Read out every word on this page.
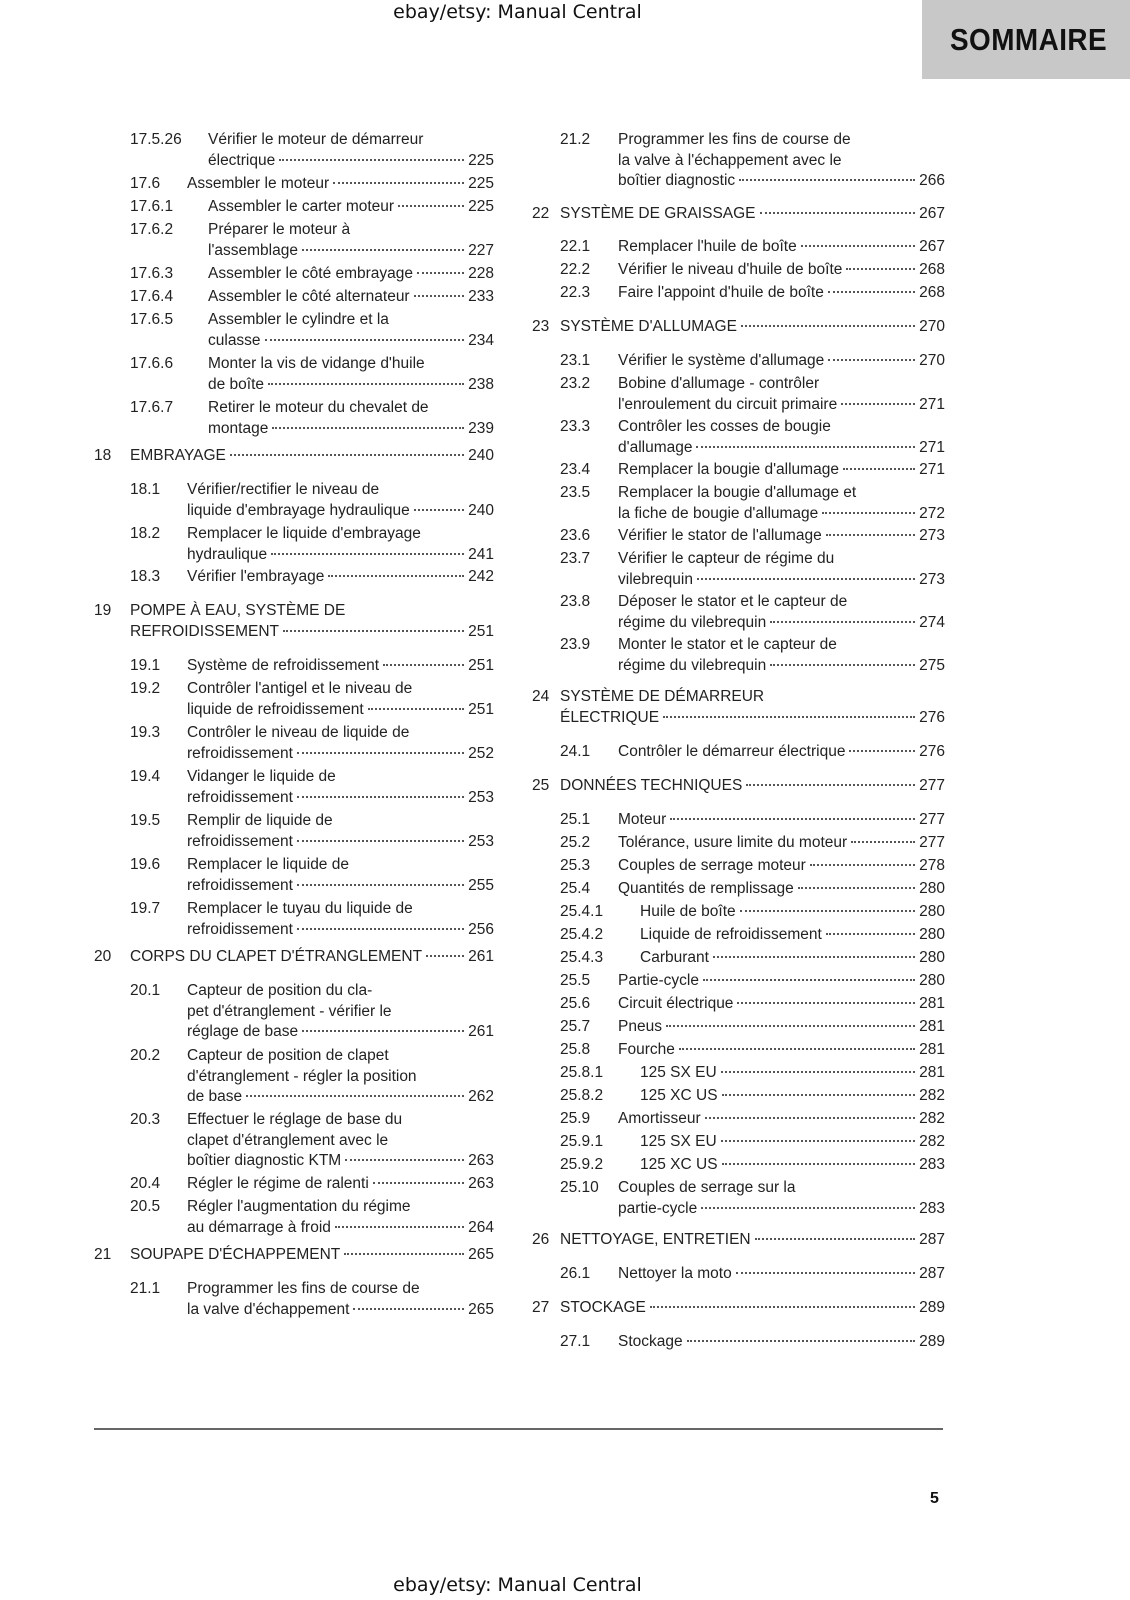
ebay/etsy: Manual Central
SOMMAIRE
17.5.26 Vérifier le moteur de démarreur
électrique	225
17.6 Assembler le moteur	225
17.6.1 Assembler le carter moteur	225
17.6.2 Préparer le moteur à
l'assemblage	227
17.6.3 Assembler le côté embrayage	228
17.6.4 Assembler le côté alternateur	233
17.6.5 Assembler le cylindre et la
culasse	234
17.6.6 Monter la vis de vidange d'huile
de boîte	238
17.6.7 Retirer le moteur du chevalet de
montage	239
18 EMBRAYAGE	240
18.1 Vérifier/rectifier le niveau de
liquide d'embrayage hydraulique	240
18.2 Remplacer le liquide d'embrayage
hydraulique	241
18.3 Vérifier l'embrayage	242
19 POMPE À EAU, SYSTÈME DE
REFROIDISSEMENT	251
19.1 Système de refroidissement	251
19.2 Contrôler l'antigel et le niveau de
liquide de refroidissement	251
19.3 Contrôler le niveau de liquide de
refroidissement	252
19.4 Vidanger le liquide de
refroidissement	253
19.5 Remplir de liquide de
refroidissement	253
19.6 Remplacer le liquide de
refroidissement	255
19.7 Remplacer le tuyau du liquide de
refroidissement	256
20 CORPS DU CLAPET D'ÉTRANGLEMENT	261
20.1 Capteur de position du cla-
pet d'étranglement - vérifier le
réglage de base	261
20.2 Capteur de position de clapet
d'étranglement - régler la position
de base	262
20.3 Effectuer le réglage de base du
clapet d'étranglement avec le
boîtier diagnostic KTM	263
20.4 Régler le régime de ralenti	263
20.5 Régler l'augmentation du régime
au démarrage à froid	264
21 SOUPAPE D'ÉCHAPPEMENT	265
21.1 Programmer les fins de course de
la valve d'échappement	265
21.2 Programmer les fins de course de
la valve à l'échappement avec le
boîtier diagnostic	266
22 SYSTÈME DE GRAISSAGE	267
22.1 Remplacer l'huile de boîte	267
22.2 Vérifier le niveau d'huile de boîte	268
22.3 Faire l'appoint d'huile de boîte	268
23 SYSTÈME D'ALLUMAGE	270
23.1 Vérifier le système d'allumage	270
23.2 Bobine d'allumage - contrôler
l'enroulement du circuit primaire	271
23.3 Contrôler les cosses de bougie
d'allumage	271
23.4 Remplacer la bougie d'allumage	271
23.5 Remplacer la bougie d'allumage et
la fiche de bougie d'allumage	272
23.6 Vérifier le stator de l'allumage	273
23.7 Vérifier le capteur de régime du
vilebrequin	273
23.8 Déposer le stator et le capteur de
régime du vilebrequin	274
23.9 Monter le stator et le capteur de
régime du vilebrequin	275
24 SYSTÈME DE DÉMARREUR
ÉLECTRIQUE	276
24.1 Contrôler le démarreur électrique	276
25 DONNÉES TECHNIQUES	277
25.1 Moteur	277
25.2 Tolérance, usure limite du moteur	277
25.3 Couples de serrage moteur	278
25.4 Quantités de remplissage	280
25.4.1 Huile de boîte	280
25.4.2 Liquide de refroidissement	280
25.4.3 Carburant	280
25.5 Partie-cycle	280
25.6 Circuit électrique	281
25.7 Pneus	281
25.8 Fourche	281
25.8.1 125 SX EU	281
25.8.2 125 XC US	282
25.9 Amortisseur	282
25.9.1 125 SX EU	282
25.9.2 125 XC US	283
25.10 Couples de serrage sur la
partie-cycle	283
26 NETTOYAGE, ENTRETIEN	287
26.1 Nettoyer la moto	287
27 STOCKAGE	289
27.1 Stockage	289
5
ebay/etsy: Manual Central
